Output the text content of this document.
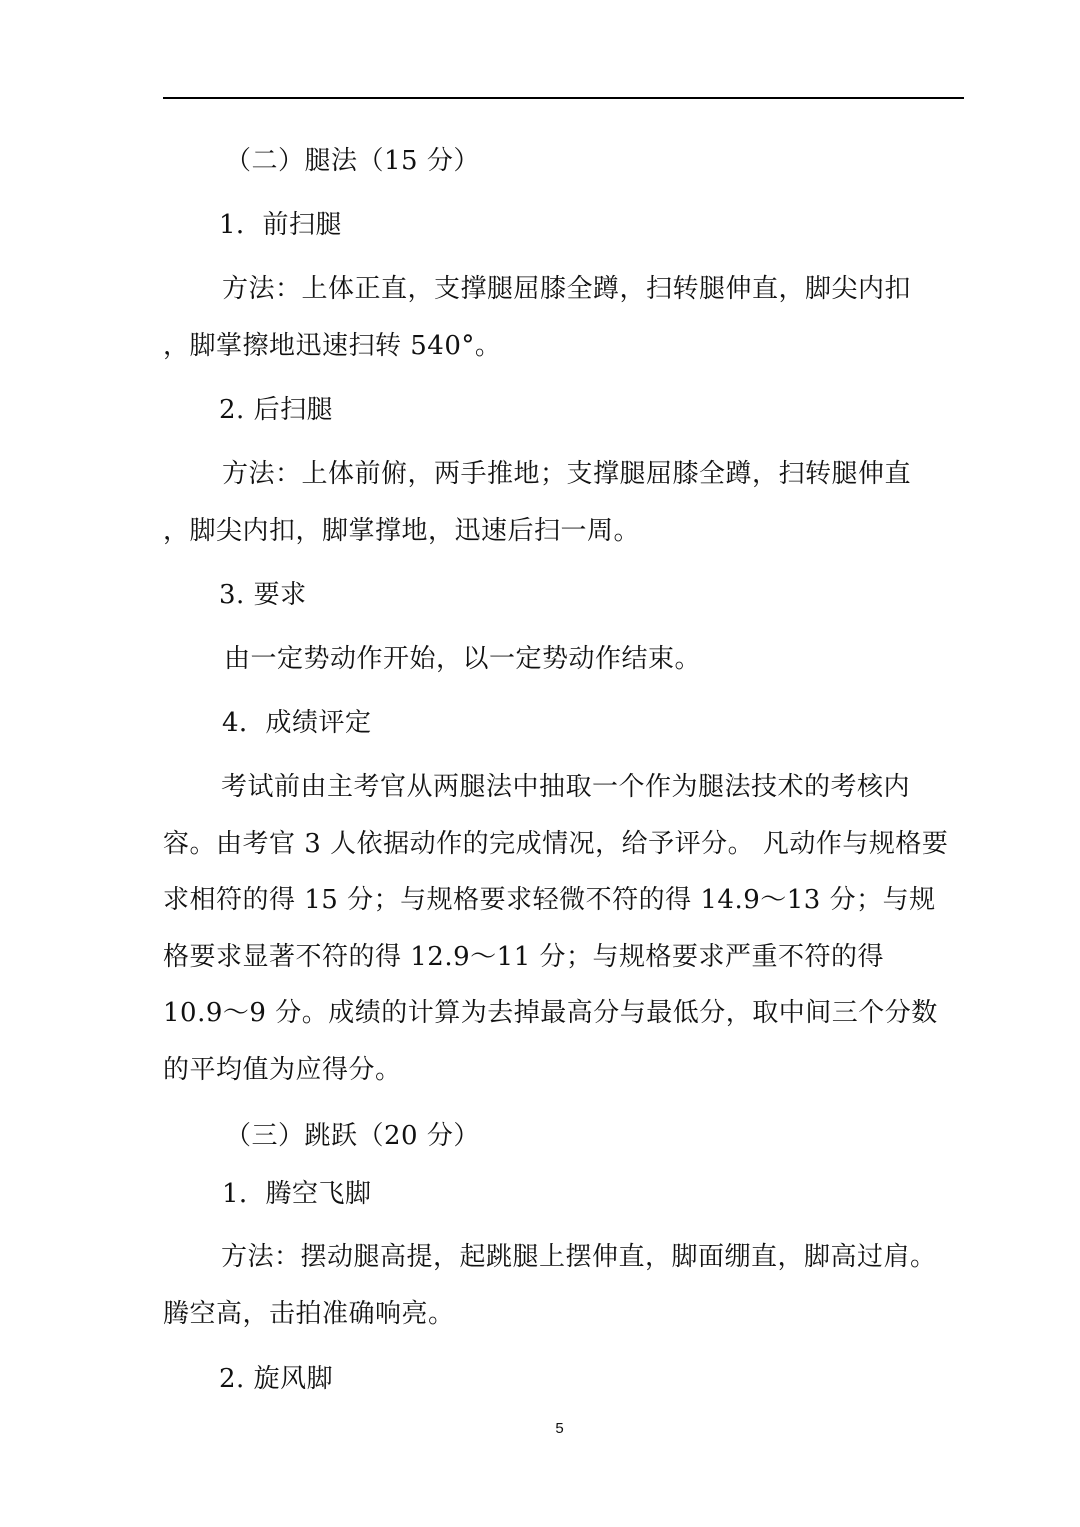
（二）腿法（15 分）
1．前扫腿
方法：上体正直，支撑腿屈膝全蹲，扫转腿伸直，脚尖内扣
，脚掌擦地迅速扫转 540°。
2. 后扫腿
方法：上体前俯，两手推地；支撑腿屈膝全蹲，扫转腿伸直
，脚尖内扣，脚掌撑地，迅速后扫一周。
3. 要求
由一定势动作开始，以一定势动作结束。
4．成绩评定
考试前由主考官从两腿法中抽取一个作为腿法技术的考核内容。由考官 3 人依据动作的完成情况，给予评分。 凡动作与规格要求相符的得 15 分；与规格要求轻微不符的得 14.9～13 分；与规格要求显著不符的得 12.9～11 分；与规格要求严重不符的得 10.9～9 分。成绩的计算为去掉最高分与最低分，取中间三个分数的平均值为应得分。
（三）跳跃（20 分）
1．腾空飞脚
方法：摆动腿高提，起跳腿上摆伸直，脚面绷直，脚高过肩。腾空高，击拍准确响亮。
2. 旋风脚
5
